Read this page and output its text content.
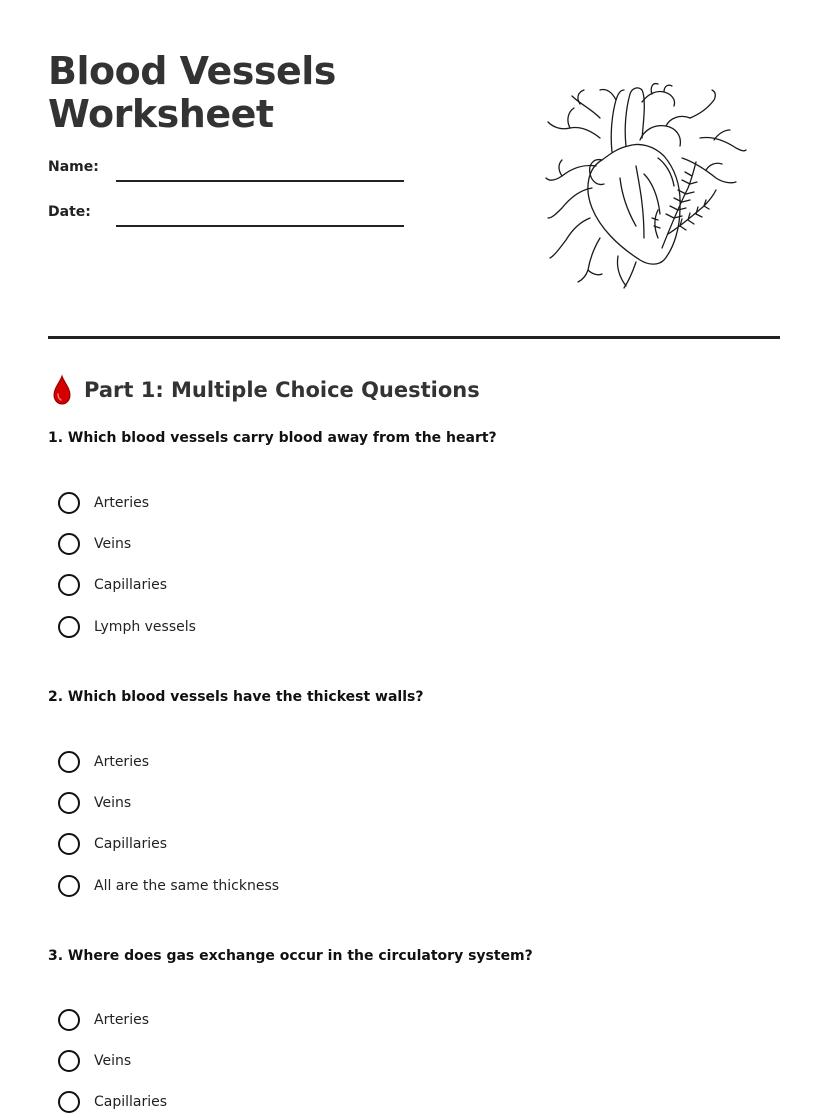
Blood Vessels
Worksheet
Name:
Date:
Part 1: Multiple Choice Questions

1. Which blood vessels carry blood away from the heart?

Arteries
Veins
Capillaries
Lymph vessels

2. Which blood vessels have the thickest walls?

Arteries
Veins
Capillaries
All are the same thickness

3. Where does gas exchange occur in the circulatory system?

Arteries
Veins
Capillaries
